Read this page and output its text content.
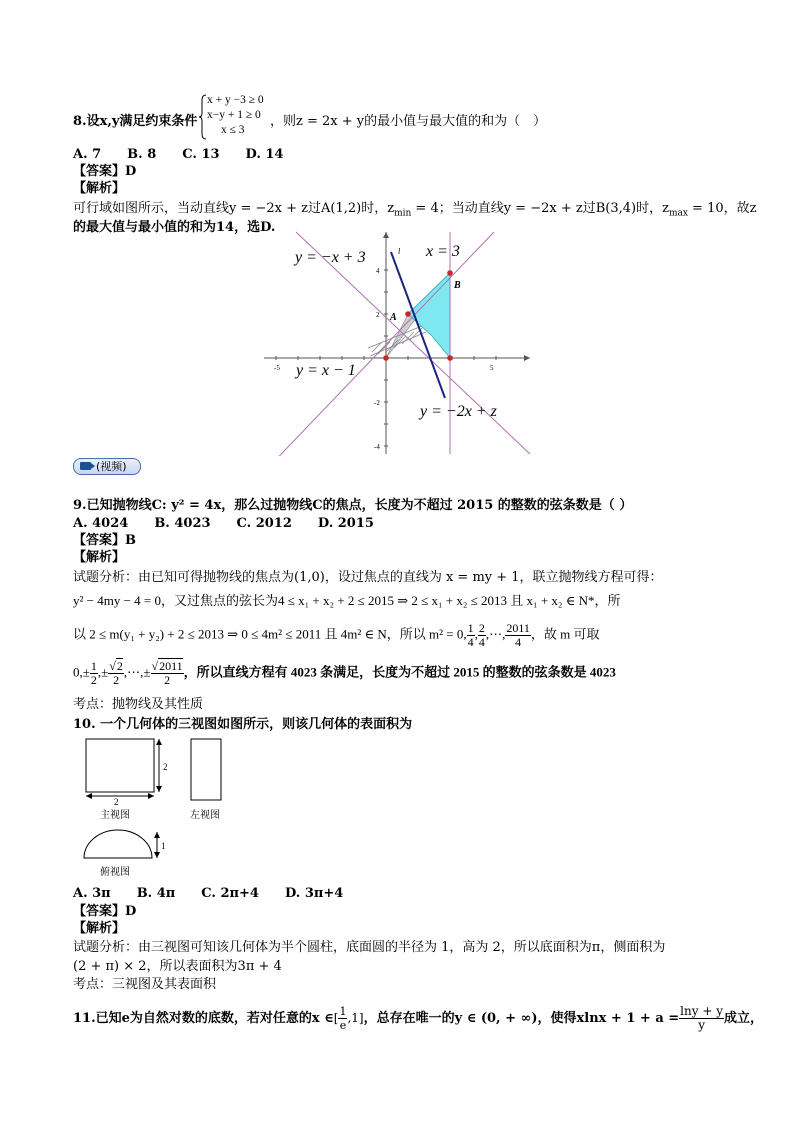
8.设x,y满足约束条件
x + y −3 ≥ 0
x−y + 1 ≥ 0
x ≤ 3
，则z = 2x + y的最小值与最大值的和为（　）
A. 7　　B. 8　　C. 13　　D. 14
【答案】D
【解析】
可行域如图所示，当动直线y = −2x + z过A(1,2)时，$z_{min} = 4$；当动直线y = −2x + z过B(3,4)时，$z_{max} = 10$，故z
的最大值与最小值的和为14，选D.
-5	5
4
2
-2
-4
y = −x + 3	x = 3
y = x − 1
y = −2x + z
l
A
B
(视频)
9.已知抛物线C: y² = 4x，那么过抛物线C的焦点，长度为不超过 2015 的整数的弦条数是（ ）
A. 4024　　B. 4023　　C. 2012　　D. 2015
【答案】B
【解析】
试题分析：由已知可得抛物线的焦点为(1,0)，设过焦点的直线为 x = my + 1，联立抛物线方程可得：
y² − 4my − 4 = 0，又过焦点的弦长为4 ≤ x₁ + x₂ + 2 ≤ 2015 ⇒ 2 ≤ x₁ + x₂ ≤ 2013 且 x₁ + x₂ ∈ N*，所
以 2 ≤ m(y₁ + y₂) + 2 ≤ 2013 ⇒ 0 ≤ 4m² ≤ 2011 且 4m² ∈ N，所以 m² = 0, $\frac{1}{4}$ , $\frac{2}{4}$ ,⋯, $\frac{2011}{4}$ ，故 m 可取
$0,\pm \frac{1}{2}$ ,± $\frac{√2}{2}$ ,⋯,± $\frac{√2011}{2}$ ，所以直线方程有 4023 条满足，长度为不超过 2015 的整数的弦条数是 4023
考点：抛物线及其性质
10. 一个几何体的三视图如图所示，则该几何体的表面积为
2
2
主视图	左视图
1
俯视图
A. 3π　　B. 4π　　C. 2π+4　　D. 3π+4
【答案】D
【解析】
试题分析：由三视图可知该几何体为半个圆柱，底面圆的半径为 1，高为 2，所以底面积为π，侧面积为
(2 + π) × 2，所以表面积为3π + 4
考点：三视图及其表面积
11.已知e为自然对数的底数，若对任意的x ∈[ $\frac{1}{e} ,1$]，总存在唯一的y ∈ (0, + ∞)，使得$xlnx + 1 + a = \frac{\ln y + y}{y}$ 成立，
